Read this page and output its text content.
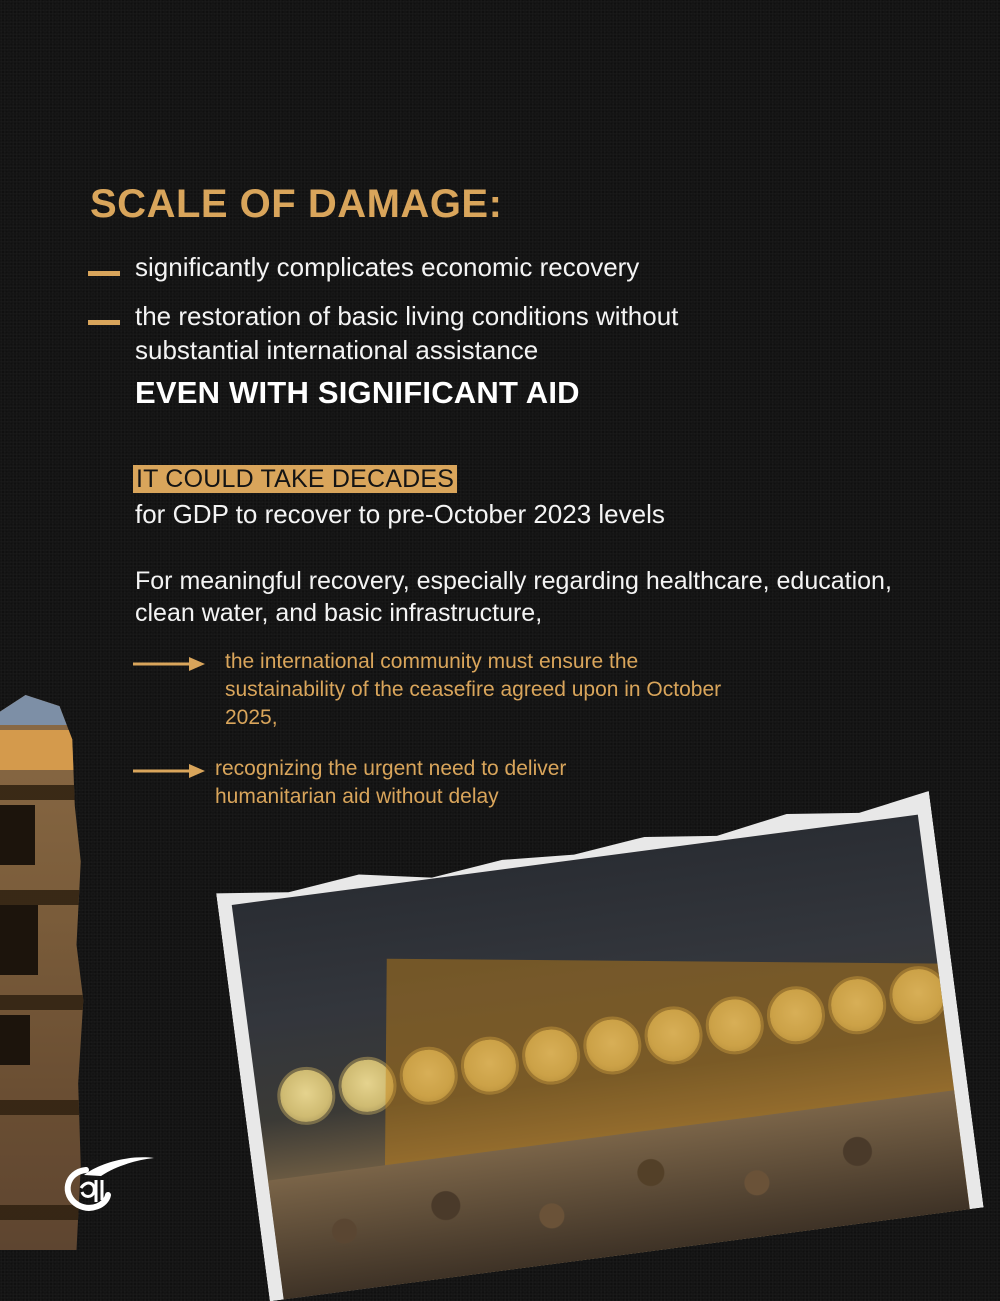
SCALE OF DAMAGE:
significantly complicates economic recovery
the restoration of basic living conditions without substantial international assistance
EVEN WITH SIGNIFICANT AID
IT COULD TAKE DECADES
for GDP to recover to pre-October 2023 levels
For meaningful recovery, especially regarding healthcare, education, clean water, and basic infrastructure,
the international community must ensure the sustainability of the ceasefire agreed upon in October 2025,
recognizing the urgent need to deliver humanitarian aid without delay
